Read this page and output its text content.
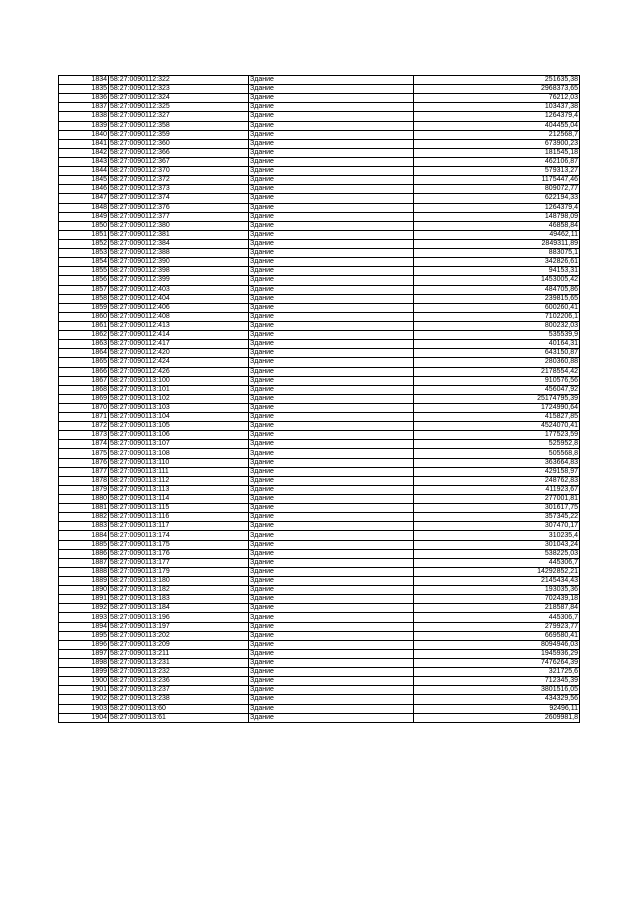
1834	58:27:0090112:322	Здание	251635,38
1835	58:27:0090112:323	Здание	2968373,65
1836	58:27:0090112:324	Здание	76212,03
1837	58:27:0090112:325	Здание	103437,38
1838	58:27:0090112:327	Здание	1264379,4
1839	58:27:0090112:358	Здание	404455,04
1840	58:27:0090112:359	Здание	212568,7
1841	58:27:0090112:360	Здание	673900,23
1842	58:27:0090112:366	Здание	181545,18
1843	58:27:0090112:367	Здание	462106,87
1844	58:27:0090112:370	Здание	579313,27
1845	58:27:0090112:372	Здание	1175447,46
1846	58:27:0090112:373	Здание	809072,77
1847	58:27:0090112:374	Здание	622194,33
1848	58:27:0090112:376	Здание	1264379,4
1849	58:27:0090112:377	Здание	148798,09
1850	58:27:0090112:380	Здание	46858,84
1851	58:27:0090112:381	Здание	49462,11
1852	58:27:0090112:384	Здание	2849311,89
1853	58:27:0090112:388	Здание	883075,1
1854	58:27:0090112:390	Здание	342826,61
1855	58:27:0090112:398	Здание	94153,31
1856	58:27:0090112:399	Здание	1453005,42
1857	58:27:0090112:403	Здание	484705,86
1858	58:27:0090112:404	Здание	239815,65
1859	58:27:0090112:406	Здание	600260,41
1860	58:27:0090112:408	Здание	7102206,1
1861	58:27:0090112:413	Здание	800232,03
1862	58:27:0090112:414	Здание	535539,9
1863	58:27:0090112:417	Здание	40164,31
1864	58:27:0090112:420	Здание	643150,87
1865	58:27:0090112:424	Здание	280360,88
1866	58:27:0090112:426	Здание	2178554,42
1867	58:27:0090113:100	Здание	910576,56
1868	58:27:0090113:101	Здание	456047,92
1869	58:27:0090113:102	Здание	25174795,39
1870	58:27:0090113:103	Здание	1724990,64
1871	58:27:0090113:104	Здание	415827,85
1872	58:27:0090113:105	Здание	4524070,41
1873	58:27:0090113:106	Здание	177523,59
1874	58:27:0090113:107	Здание	525952,8
1875	58:27:0090113:108	Здание	505568,8
1876	58:27:0090113:110	Здание	363664,83
1877	58:27:0090113:111	Здание	429158,97
1878	58:27:0090113:112	Здание	248762,83
1879	58:27:0090113:113	Здание	411923,67
1880	58:27:0090113:114	Здание	277001,81
1881	58:27:0090113:115	Здание	301617,75
1882	58:27:0090113:116	Здание	357345,22
1883	58:27:0090113:117	Здание	307470,17
1884	58:27:0090113:174	Здание	310235,4
1885	58:27:0090113:175	Здание	301043,24
1886	58:27:0090113:176	Здание	538225,03
1887	58:27:0090113:177	Здание	445306,7
1888	58:27:0090113:179	Здание	14292852,21
1889	58:27:0090113:180	Здание	2145434,43
1890	58:27:0090113:182	Здание	193035,36
1891	58:27:0090113:183	Здание	702439,18
1892	58:27:0090113:184	Здание	218587,84
1893	58:27:0090113:196	Здание	445306,7
1894	58:27:0090113:197	Здание	279923,77
1895	58:27:0090113:202	Здание	669580,41
1896	58:27:0090113:209	Здание	8094946,03
1897	58:27:0090113:211	Здание	1945936,29
1898	58:27:0090113:231	Здание	7476264,39
1899	58:27:0090113:232	Здание	321725,6
1900	58:27:0090113:236	Здание	712345,39
1901	58:27:0090113:237	Здание	3801516,05
1902	58:27:0090113:238	Здание	434329,56
1903	58:27:0090113:60	Здание	92496,11
1904	58:27:0090113:61	Здание	2609981,8
